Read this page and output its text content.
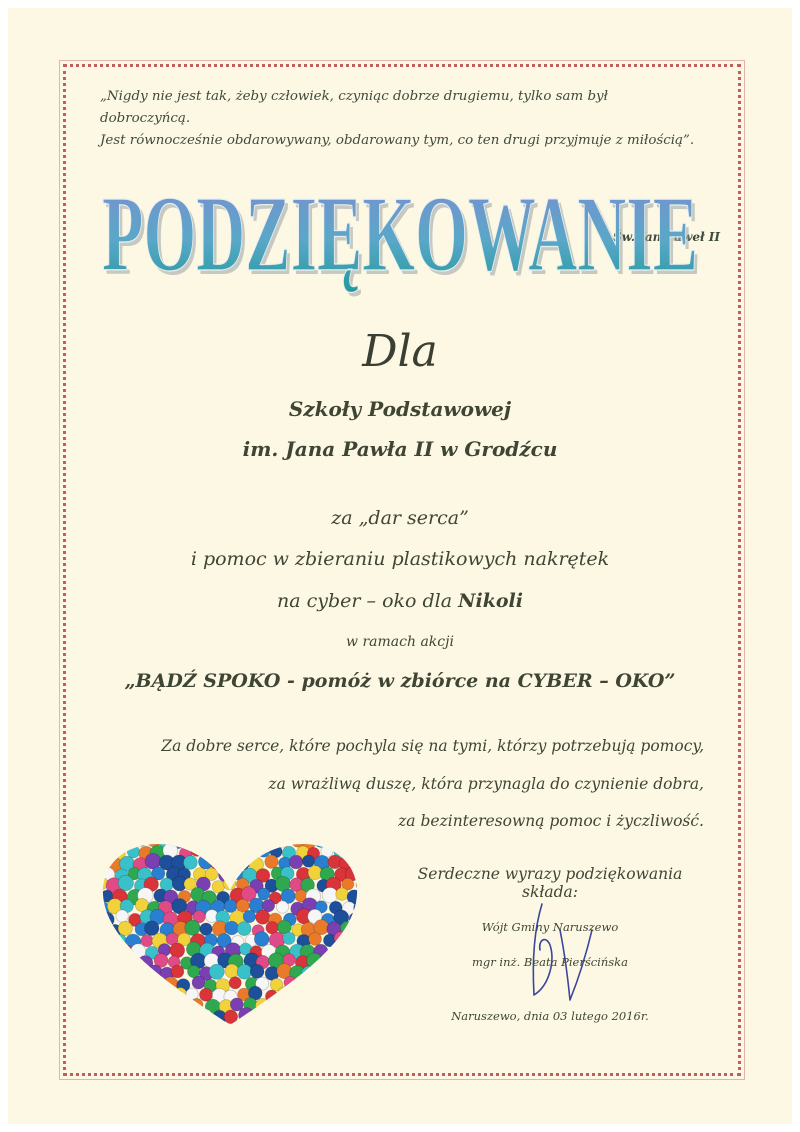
„Nigdy nie jest tak, żeby człowiek, czyniąc dobrze drugiemu, tylko sam był dobroczyńcą.
Jest równocześnie obdarowywany, obdarowany tym, co ten drugi przyjmuje z miłością”.
Św. Jan Paweł II
PODZIĘKOWANIE
PODZIĘKOWANIE
Dla
Szkoły Podstawowej
im. Jana Pawła II w Grodźcu
za „dar serca”
i pomoc w zbieraniu plastikowych nakrętek
na cyber – oko dla Nikoli
w ramach akcji
„BĄDŹ SPOKO - pomóż w zbiórce na CYBER – OKO”
Za dobre serce, które pochyla się na tymi, którzy potrzebują pomocy,
za wrażliwą duszę, która przynagla do czynienie dobra,
za bezinteresowną pomoc i życzliwość.
Serdeczne wyrazy podziękowania składa:
Wójt Gminy Naruszewo
mgr inż. Beata Pierścińska
Naruszewo, dnia 03 lutego 2016r.
